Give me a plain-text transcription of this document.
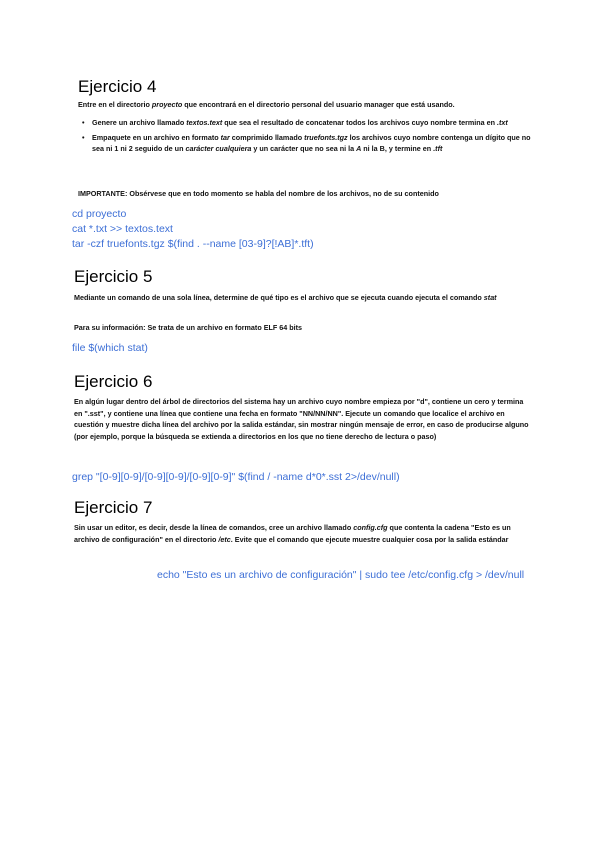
Ejercicio 4

Entre en el directorio proyecto que encontrará en el directorio personal del usuario manager que está usando.

• Genere un archivo llamado textos.text que sea el resultado de concatenar todos los archivos cuyo nombre termina en .txt
• Empaquete en un archivo en formato tar comprimido llamado truefonts.tgz los archivos cuyo nombre contenga un dígito que no sea ni 1 ni 2 seguido de un carácter cualquiera y un carácter que no sea ni la A ni la B, y termine en .tft

IMPORTANTE: Obsérvese que en todo momento se habla del nombre de los archivos, no de su contenido

cd proyecto

cat *.txt >> textos.text

tar -czf truefonts.tgz $(find . --name [03-9]?[!AB]*.tft)

Ejercicio 5

Mediante un comando de una sola línea, determine de qué tipo es el archivo que se ejecuta cuando ejecuta el comando stat

Para su información: Se trata de un archivo en formato ELF 64 bits

file $(which stat)

Ejercicio 6

En algún lugar dentro del árbol de directorios del sistema hay un archivo cuyo nombre empieza por "d", contiene un cero y termina en ".sst", y contiene una línea que contiene una fecha en formato "NN/NN/NN". Ejecute un comando que localice el archivo en cuestión y muestre dicha línea del archivo por la salida estándar, sin mostrar ningún mensaje de error, en caso de producirse alguno (por ejemplo, porque la búsqueda se extienda a directorios en los que no tiene derecho de lectura o paso)

grep "[0-9][0-9]/[0-9][0-9]/[0-9][0-9]" $(find / -name d*0*.sst 2>/dev/null)

Ejercicio 7

Sin usar un editor, es decir, desde la línea de comandos, cree un archivo llamado config.cfg que contenta la cadena "Esto es un archivo de configuración" en el directorio /etc. Evite que el comando que ejecute muestre cualquier cosa por la salida estándar

echo "Esto es un archivo de configuración" | sudo tee /etc/config.cfg > /dev/null
